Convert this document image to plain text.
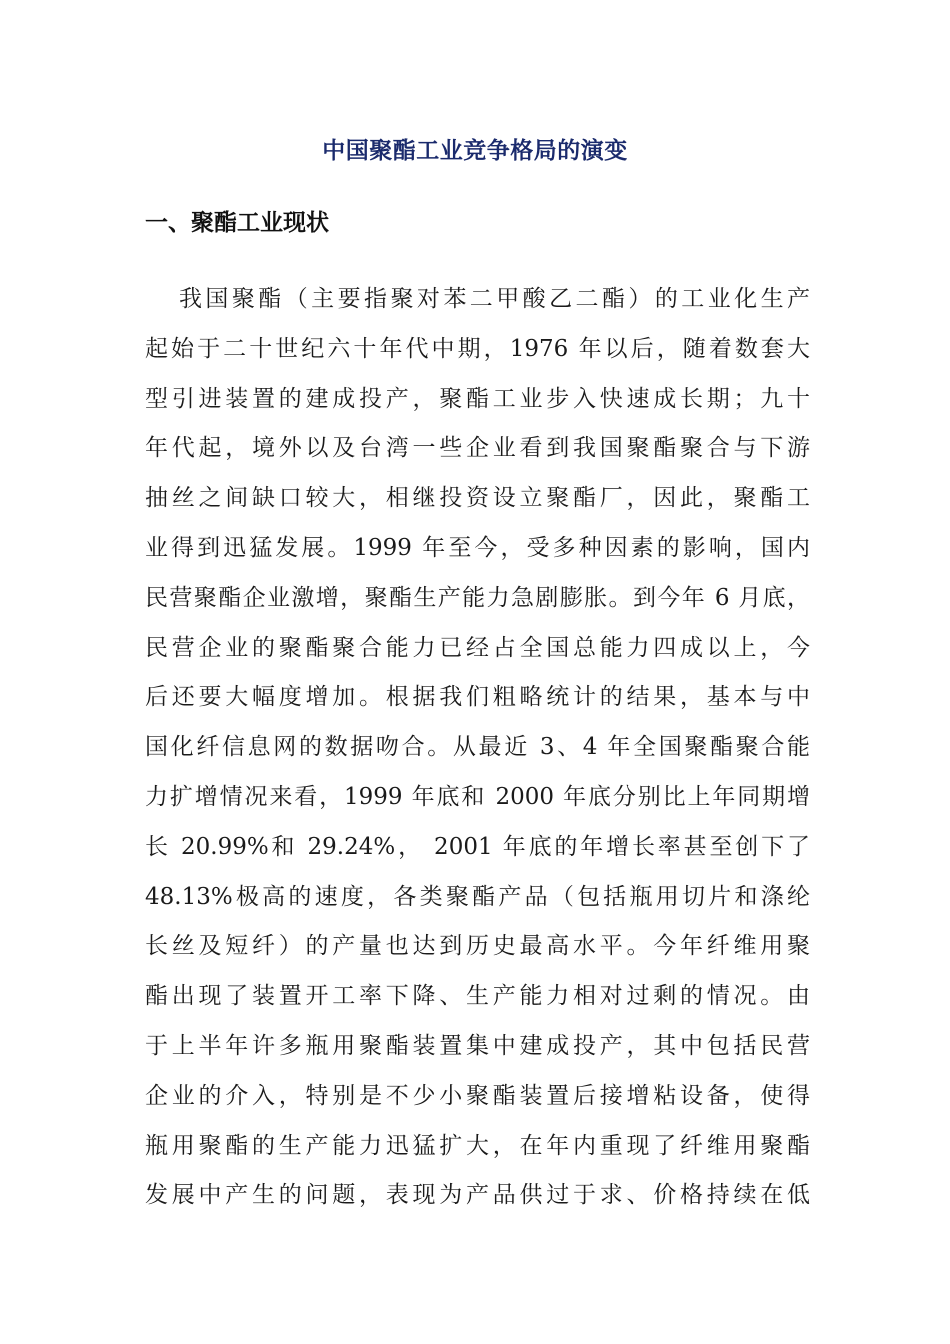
中国聚酯工业竞争格局的演变
一、聚酯工业现状
我国聚酯（主要指聚对苯二甲酸乙二酯）的工业化生产
起始于二十世纪六十年代中期，1976 年以后，随着数套大
型引进装置的建成投产，聚酯工业步入快速成长期；九十
年代起，境外以及台湾一些企业看到我国聚酯聚合与下游
抽丝之间缺口较大，相继投资设立聚酯厂，因此，聚酯工
业得到迅猛发展。1999 年至今，受多种因素的影响，国内
民营聚酯企业激增，聚酯生产能力急剧膨胀。到今年 6 月底，
民营企业的聚酯聚合能力已经占全国总能力四成以上，今
后还要大幅度增加。根据我们粗略统计的结果，基本与中
国化纤信息网的数据吻合。从最近 3、4 年全国聚酯聚合能
力扩增情况来看，1999 年底和 2000 年底分别比上年同期增
长 20.99%和 29.24%， 2001 年底的年增长率甚至创下了
48.13%极高的速度，各类聚酯产品（包括瓶用切片和涤纶
长丝及短纤）的产量也达到历史最高水平。今年纤维用聚
酯出现了装置开工率下降、生产能力相对过剩的情况。由
于上半年许多瓶用聚酯装置集中建成投产，其中包括民营
企业的介入，特别是不少小聚酯装置后接增粘设备，使得
瓶用聚酯的生产能力迅猛扩大，在年内重现了纤维用聚酯
发展中产生的问题，表现为产品供过于求、价格持续在低
